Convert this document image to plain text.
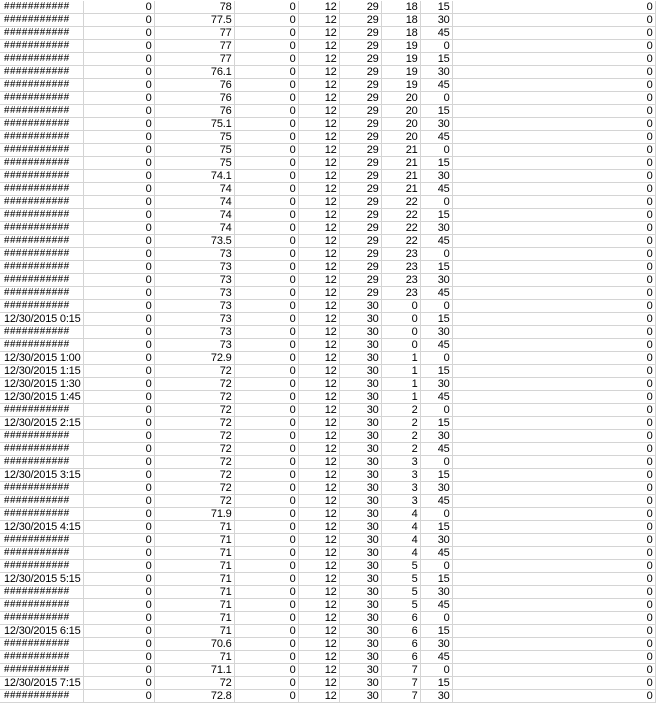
###########	0	78	0	12	29	18	15	0
###########	0	77.5	0	12	29	18	30	0
###########	0	77	0	12	29	18	45	0
###########	0	77	0	12	29	19	0	0
###########	0	77	0	12	29	19	15	0
###########	0	76.1	0	12	29	19	30	0
###########	0	76	0	12	29	19	45	0
###########	0	76	0	12	29	20	0	0
###########	0	76	0	12	29	20	15	0
###########	0	75.1	0	12	29	20	30	0
###########	0	75	0	12	29	20	45	0
###########	0	75	0	12	29	21	0	0
###########	0	75	0	12	29	21	15	0
###########	0	74.1	0	12	29	21	30	0
###########	0	74	0	12	29	21	45	0
###########	0	74	0	12	29	22	0	0
###########	0	74	0	12	29	22	15	0
###########	0	74	0	12	29	22	30	0
###########	0	73.5	0	12	29	22	45	0
###########	0	73	0	12	29	23	0	0
###########	0	73	0	12	29	23	15	0
###########	0	73	0	12	29	23	30	0
###########	0	73	0	12	29	23	45	0
###########	0	73	0	12	30	0	0	0
12/30/2015 0:15	0	73	0	12	30	0	15	0
###########	0	73	0	12	30	0	30	0
###########	0	73	0	12	30	0	45	0
12/30/2015 1:00	0	72.9	0	12	30	1	0	0
12/30/2015 1:15	0	72	0	12	30	1	15	0
12/30/2015 1:30	0	72	0	12	30	1	30	0
12/30/2015 1:45	0	72	0	12	30	1	45	0
###########	0	72	0	12	30	2	0	0
12/30/2015 2:15	0	72	0	12	30	2	15	0
###########	0	72	0	12	30	2	30	0
###########	0	72	0	12	30	2	45	0
###########	0	72	0	12	30	3	0	0
12/30/2015 3:15	0	72	0	12	30	3	15	0
###########	0	72	0	12	30	3	30	0
###########	0	72	0	12	30	3	45	0
###########	0	71.9	0	12	30	4	0	0
12/30/2015 4:15	0	71	0	12	30	4	15	0
###########	0	71	0	12	30	4	30	0
###########	0	71	0	12	30	4	45	0
###########	0	71	0	12	30	5	0	0
12/30/2015 5:15	0	71	0	12	30	5	15	0
###########	0	71	0	12	30	5	30	0
###########	0	71	0	12	30	5	45	0
###########	0	71	0	12	30	6	0	0
12/30/2015 6:15	0	71	0	12	30	6	15	0
###########	0	70.6	0	12	30	6	30	0
###########	0	71	0	12	30	6	45	0
###########	0	71.1	0	12	30	7	0	0
12/30/2015 7:15	0	72	0	12	30	7	15	0
###########	0	72.8	0	12	30	7	30	0
